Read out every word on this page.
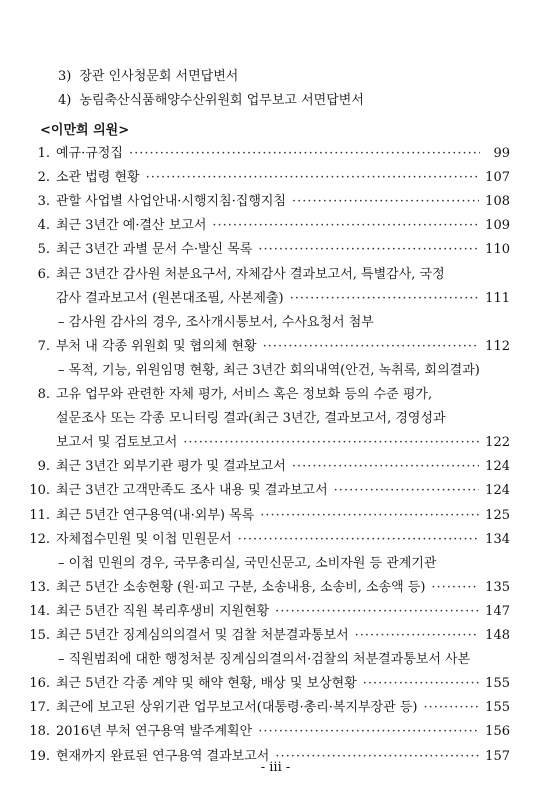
3) 장관 인사청문회 서면답변서
4) 농림축산식품해양수산위원회 업무보고 서면답변서
<이만희 의원>
1. 예규·규정집 ·····	99
2. 소관 법령 현황 ·····	107
3. 관할 사업별 사업안내·시행지침·집행지침 ·····	108
4. 최근 3년간 예·결산 보고서 ·····	109
5. 최근 3년간 과별 문서 수·발신 목록 ·····	110
6. 최근 3년간 감사원 처분요구서, 자체감사 결과보고서, 특별감사, 국정
감사 결과보고서 (원본대조필, 사본제출) ·····	111
– 감사원 감사의 경우, 조사개시통보서, 수사요청서 첨부
7. 부처 내 각종 위원회 및 협의체 현황 ·····	112
– 목적, 기능, 위원임명 현황, 최근 3년간 회의내역(안건, 녹취록, 회의결과)
8. 고유 업무와 관련한 자체 평가, 서비스 혹은 정보화 등의 수준 평가,
설문조사 또는 각종 모니터링 결과(최근 3년간, 결과보고서, 경영성과
보고서 및 검토보고서 ·····	122
9. 최근 3년간 외부기관 평가 및 결과보고서 ·····	124
10. 최근 3년간 고객만족도 조사 내용 및 결과보고서 ·····	124
11. 최근 5년간 연구용역(내·외부) 목록 ·····	125
12. 자체접수민원 및 이첩 민원문서 ·····	134
– 이첩 민원의 경우, 국무총리실, 국민신문고, 소비자원 등 관계기관
13. 최근 5년간 소송현황 (원·피고 구분, 소송내용, 소송비, 소송액 등) ·····	135
14. 최근 5년간 직원 복리후생비 지원현황 ·····	147
15. 최근 5년간 징계심의의결서 및 검찰 처분결과통보서 ·····	148
– 직원범죄에 대한 행정처분 징계심의결의서·검찰의 처분결과통보서 사본
16. 최근 5년간 각종 계약 및 해약 현황, 배상 및 보상현황 ·····	155
17. 최근에 보고된 상위기관 업무보고서(대통령·총리·복지부장관 등) ·····	155
18. 2016년 부처 연구용역 발주계획안 ·····	156
19. 현재까지 완료된 연구용역 결과보고서 ·····	157
- iii -
